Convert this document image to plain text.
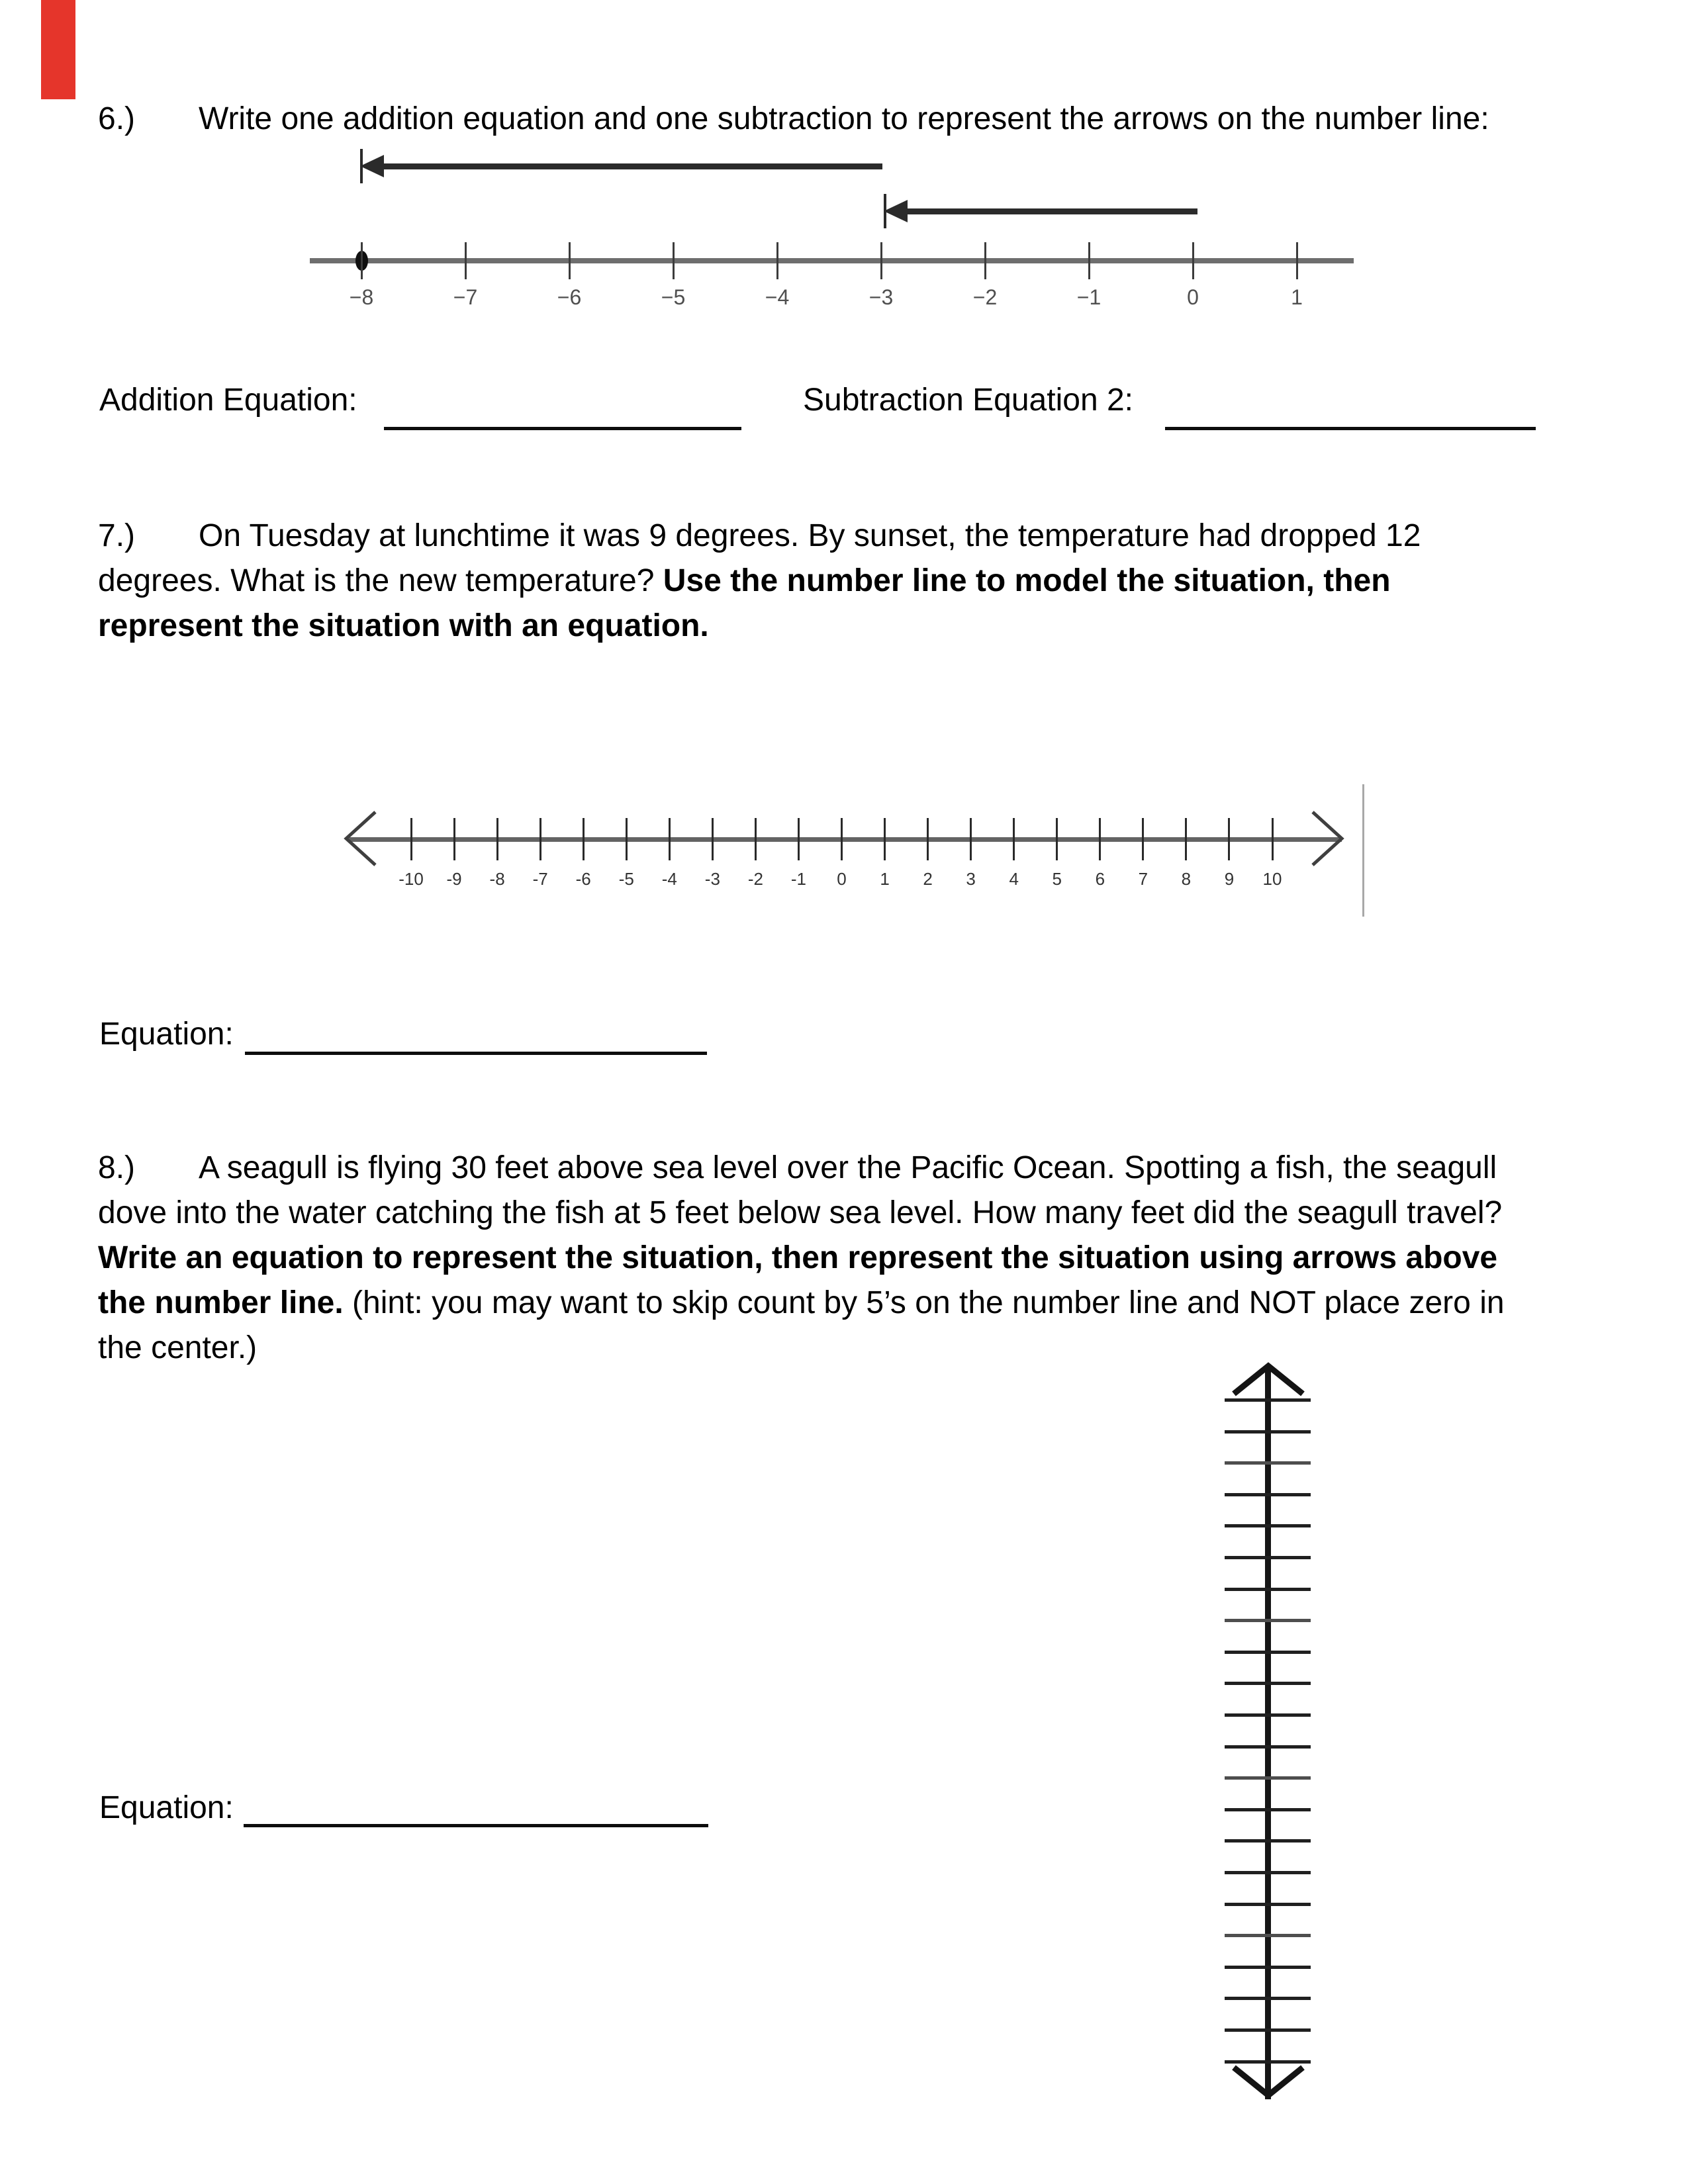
6.) Write one addition equation and one subtraction to represent the arrows on the number line:
−8	−7	−6	−5	−4	−3	−2	−1	0	1
Addition Equation:	Subtraction Equation 2:
7.) On Tuesday at lunchtime it was 9 degrees. By sunset, the temperature had dropped 12
degrees. What is the new temperature? Use the number line to model the situation, then
represent the situation with an equation.
-10 -9 -8 -7 -6 -5 -4 -3 -2 -1 0 1 2 3 4 5 6 7 8 9 10
Equation:
8.) A seagull is flying 30 feet above sea level over the Pacific Ocean. Spotting a fish, the seagull
dove into the water catching the fish at 5 feet below sea level. How many feet did the seagull travel?
Write an equation to represent the situation, then represent the situation using arrows above
the number line. (hint: you may want to skip count by 5’s on the number line and NOT place zero in
the center.)
Equation:
